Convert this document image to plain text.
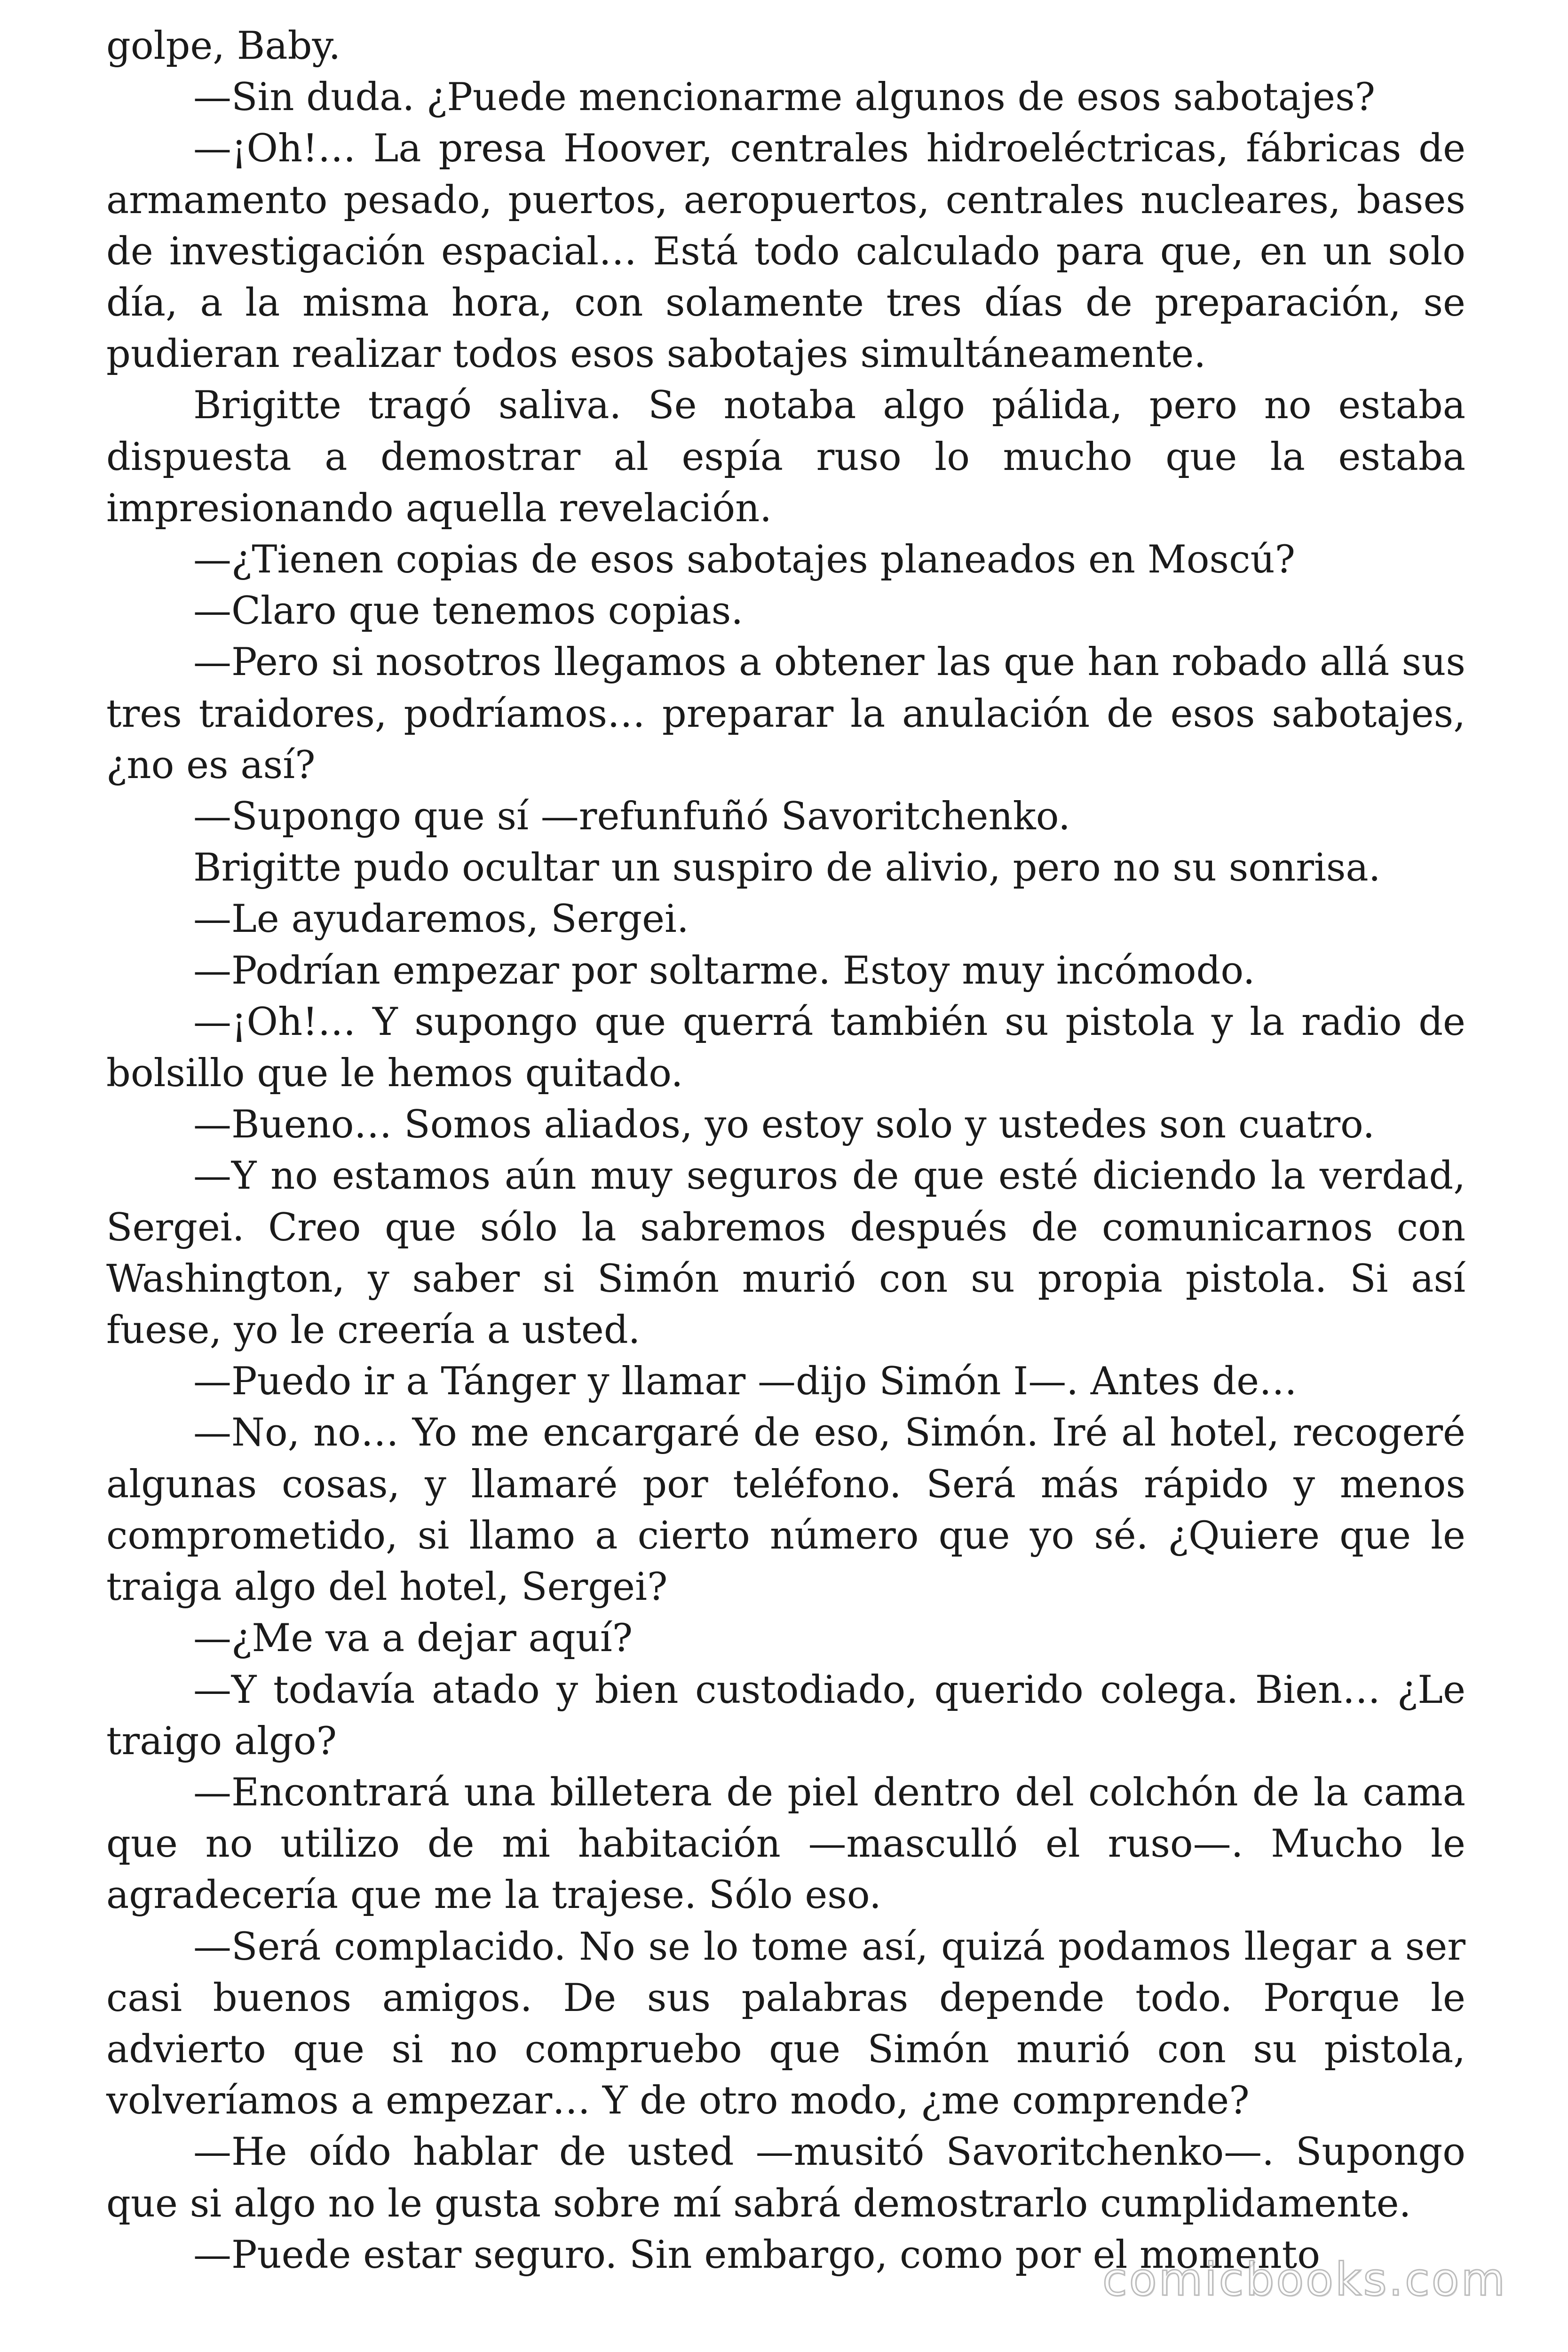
golpe, Baby.

—Sin duda. ¿Puede mencionarme algunos de esos sabotajes?

—¡Oh!… La presa Hoover, centrales hidroeléctricas, fábricas de armamento pesado, puertos, aeropuertos, centrales nucleares, bases de investigación espacial… Está todo calculado para que, en un solo día, a la misma hora, con solamente tres días de preparación, se pudieran realizar todos esos sabotajes simultáneamente.

Brigitte tragó saliva. Se notaba algo pálida, pero no estaba dispuesta a demostrar al espía ruso lo mucho que la estaba impresionando aquella revelación.

—¿Tienen copias de esos sabotajes planeados en Moscú?

—Claro que tenemos copias.

—Pero si nosotros llegamos a obtener las que han robado allá sus tres traidores, podríamos… preparar la anulación de esos sabotajes, ¿no es así?

—Supongo que sí —refunfuñó Savoritchenko.

Brigitte pudo ocultar un suspiro de alivio, pero no su sonrisa.

—Le ayudaremos, Sergei.

—Podrían empezar por soltarme. Estoy muy incómodo.

—¡Oh!… Y supongo que querrá también su pistola y la radio de bolsillo que le hemos quitado.

—Bueno… Somos aliados, yo estoy solo y ustedes son cuatro.

—Y no estamos aún muy seguros de que esté diciendo la verdad, Sergei. Creo que sólo la sabremos después de comunicarnos con Washington, y saber si Simón murió con su propia pistola. Si así fuese, yo le creería a usted.

—Puedo ir a Tánger y llamar —dijo Simón I—. Antes de…

—No, no… Yo me encargaré de eso, Simón. Iré al hotel, recogeré algunas cosas, y llamaré por teléfono. Será más rápido y menos comprometido, si llamo a cierto número que yo sé. ¿Quiere que le traiga algo del hotel, Sergei?

—¿Me va a dejar aquí?

—Y todavía atado y bien custodiado, querido colega. Bien… ¿Le traigo algo?

—Encontrará una billetera de piel dentro del colchón de la cama que no utilizo de mi habitación —masculló el ruso—. Mucho le agradecería que me la trajese. Sólo eso.

—Será complacido. No se lo tome así, quizá podamos llegar a ser casi buenos amigos. De sus palabras depende todo. Porque le advierto que si no compruebo que Simón murió con su pistola, volveríamos a empezar… Y de otro modo, ¿me comprende?

—He oído hablar de usted —musitó Savoritchenko—. Supongo que si algo no le gusta sobre mí sabrá demostrarlo cumplidamente.

—Puede estar seguro. Sin embargo, como por el momento

comicbooks.com
